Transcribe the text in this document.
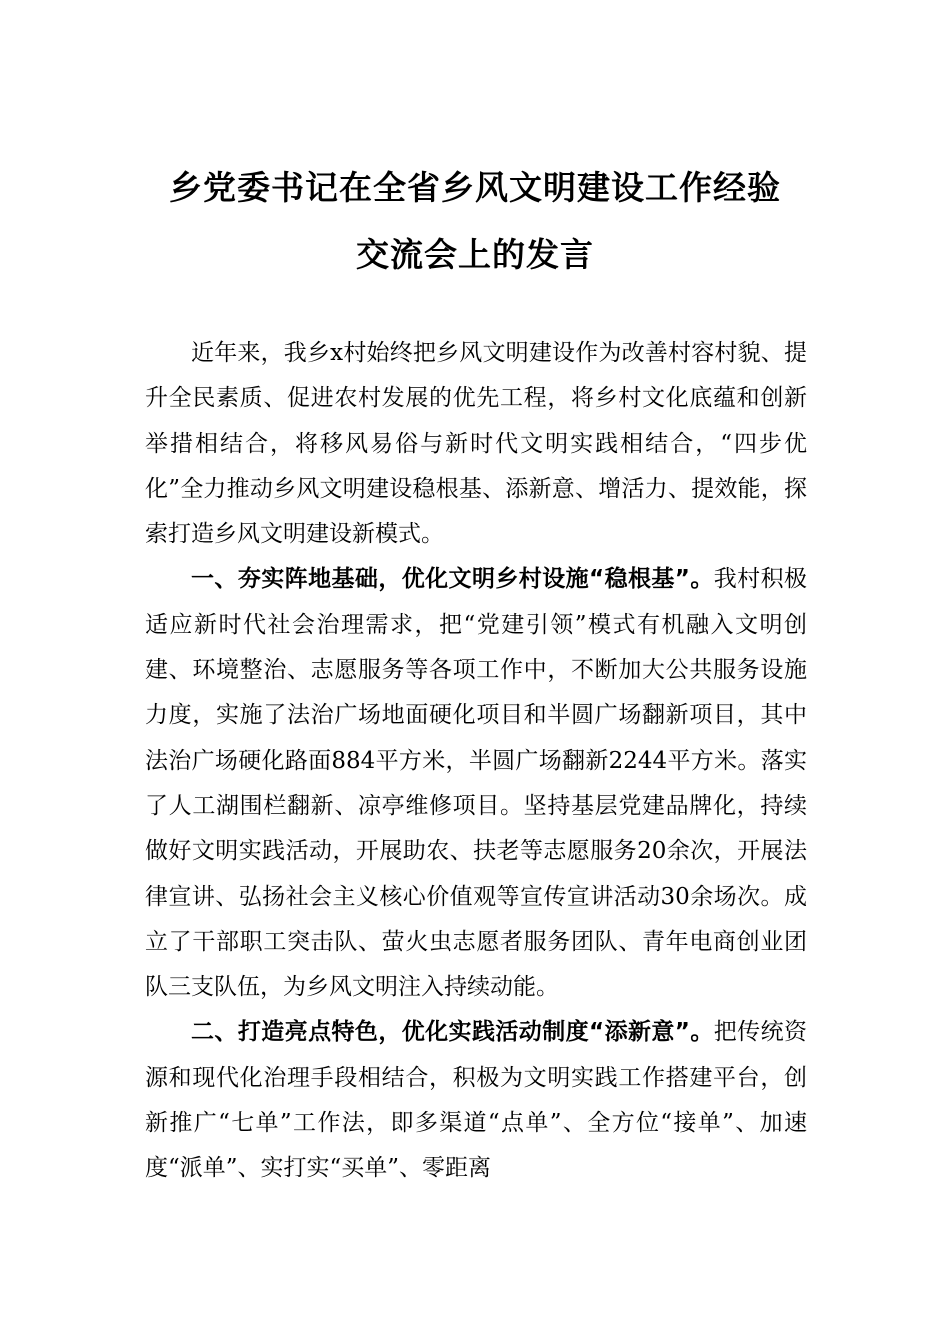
乡党委书记在全省乡风文明建设工作经验
交流会上的发言

近年来，我乡x村始终把乡风文明建设作为改善村容村貌、提升全民素质、促进农村发展的优先工程，将乡村文化底蕴和创新举措相结合，将移风易俗与新时代文明实践相结合，“四步优化”全力推动乡风文明建设稳根基、添新意、增活力、提效能，探索打造乡风文明建设新模式。

一、夯实阵地基础，优化文明乡村设施“稳根基”。我村积极适应新时代社会治理需求，把“党建引领”模式有机融入文明创建、环境整治、志愿服务等各项工作中，不断加大公共服务设施力度，实施了法治广场地面硬化项目和半圆广场翻新项目，其中法治广场硬化路面884平方米，半圆广场翻新2244平方米。落实了人工湖围栏翻新、凉亭维修项目。坚持基层党建品牌化，持续做好文明实践活动，开展助农、扶老等志愿服务20余次，开展法律宣讲、弘扬社会主义核心价值观等宣传宣讲活动30余场次。成立了干部职工突击队、萤火虫志愿者服务团队、青年电商创业团队三支队伍，为乡风文明注入持续动能。

二、打造亮点特色，优化实践活动制度“添新意”。把传统资源和现代化治理手段相结合，积极为文明实践工作搭建平台，创新推广“七单”工作法，即多渠道“点单”、全方位“接单”、加速度“派单”、实打实“买单”、零距离
